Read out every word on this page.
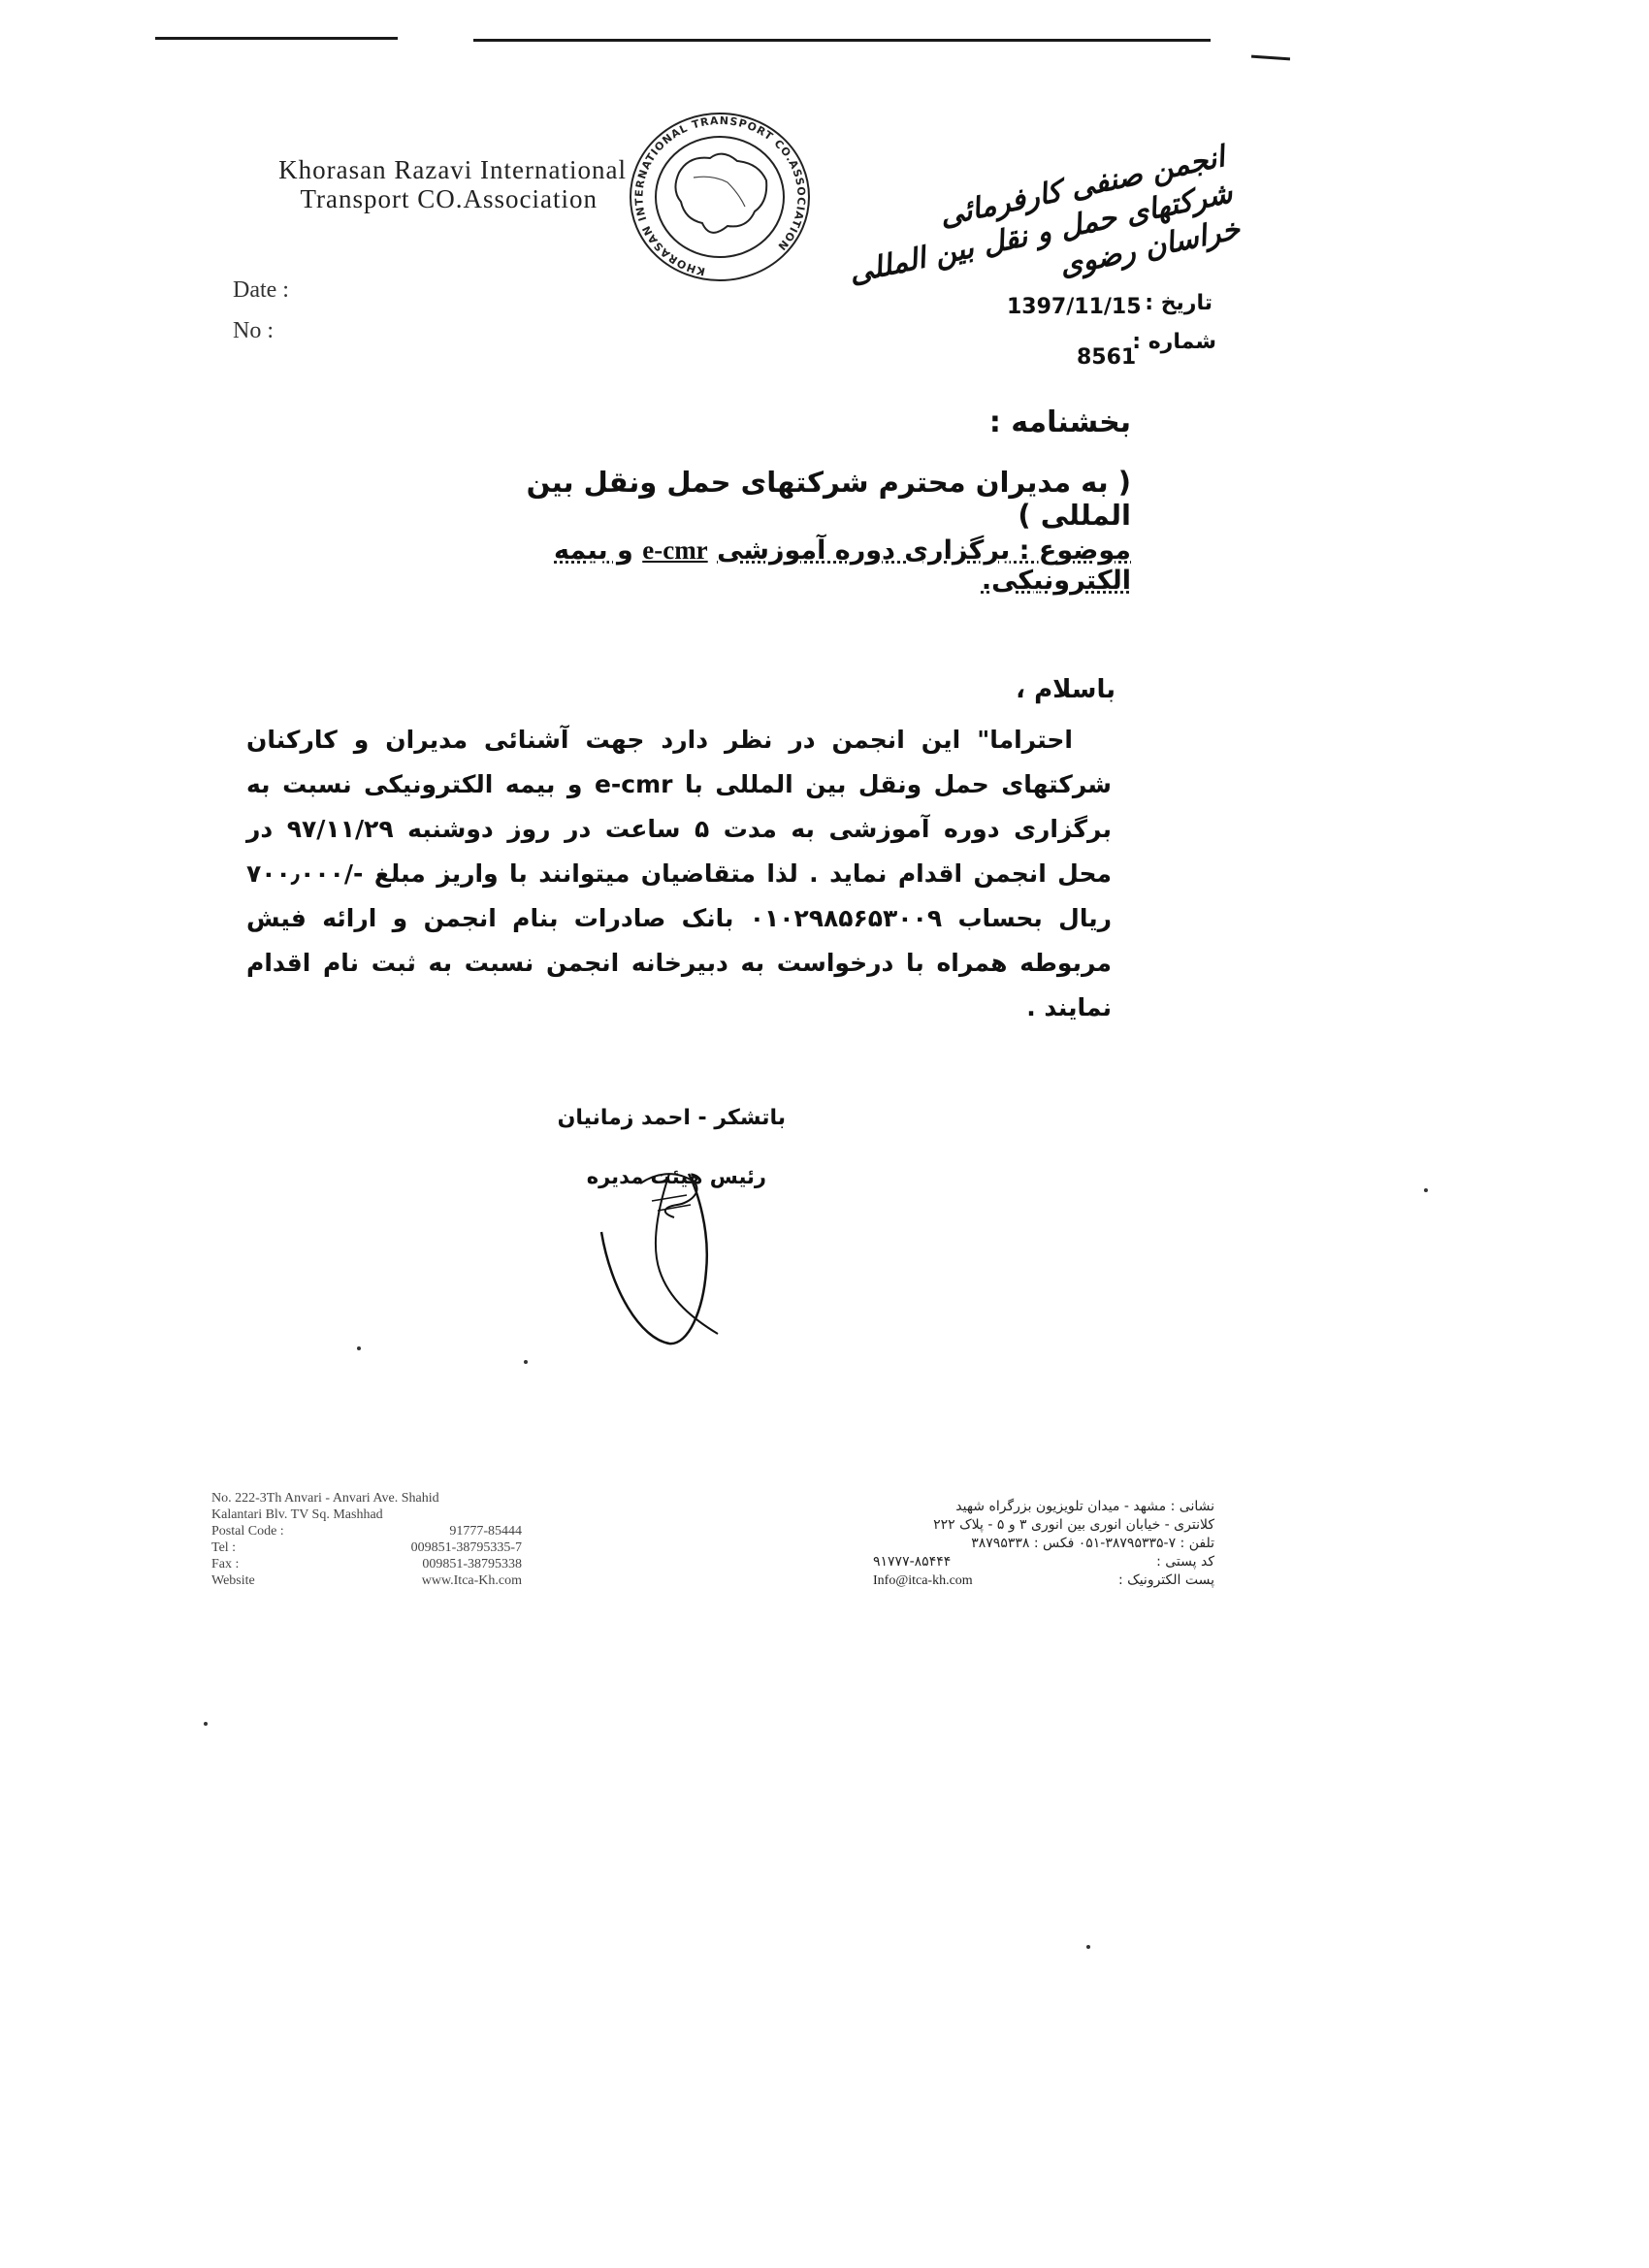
Khorasan Razavi International
Transport CO.Association
KHORASAN INTERNATIONAL TRANSPORT CO.ASSOCIATION
انجمن صنفی کارفرمائی شرکتهای حمل و نقل بین المللی خراسان رضوی
Date :
No :
تاریخ :
1397/11/15
شماره :
8561
بخشنامه :
( به مدیران محترم شرکتهای حمل ونقل بین المللی )
موضوع : برگزاری دوره آموزشی e-cmr و بیمه الکترونیکی.
باسلام ،
احتراما" این انجمن در نظر دارد جهت آشنائی مدیران و کارکنان شرکتهای حمل ونقل بین المللی با e-cmr و بیمه الکترونیکی نسبت به برگزاری دوره آموزشی به مدت ۵ ساعت در روز دوشنبه ۹۷/۱۱/۲۹ در محل انجمن اقدام نماید . لذا متقاضیان میتوانند با واریز مبلغ -/۷۰۰٫۰۰۰ ریال بحساب ۰۱۰۲۹۸۵۶۵۳۰۰۹ بانک صادرات بنام انجمن و ارائه فیش مربوطه همراه با درخواست به دبیرخانه انجمن نسبت به ثبت نام اقدام نمایند .
باتشکر - احمد زمانیان
رئیس هیئت مدیره
No. 222-3Th Anvari - Anvari Ave. Shahid
Kalantari Blv. TV Sq. Mashhad
Postal Code :	91777-85444
Tel :	009851-38795335-7
Fax :	009851-38795338
Website	www.Itca-Kh.com
نشانی : مشهد - میدان تلویزیون بزرگراه شهید
کلانتری - خیابان انوری بین انوری ۳ و ۵ - پلاک ۲۲۲
تلفن : ۷-۳۸۷۹۵۳۳۵-۰۵۱ فکس : ۳۸۷۹۵۳۳۸
کد پستی :
۹۱۷۷۷-۸۵۴۴۴
پست الکترونیک :
Info@itca-kh.com
